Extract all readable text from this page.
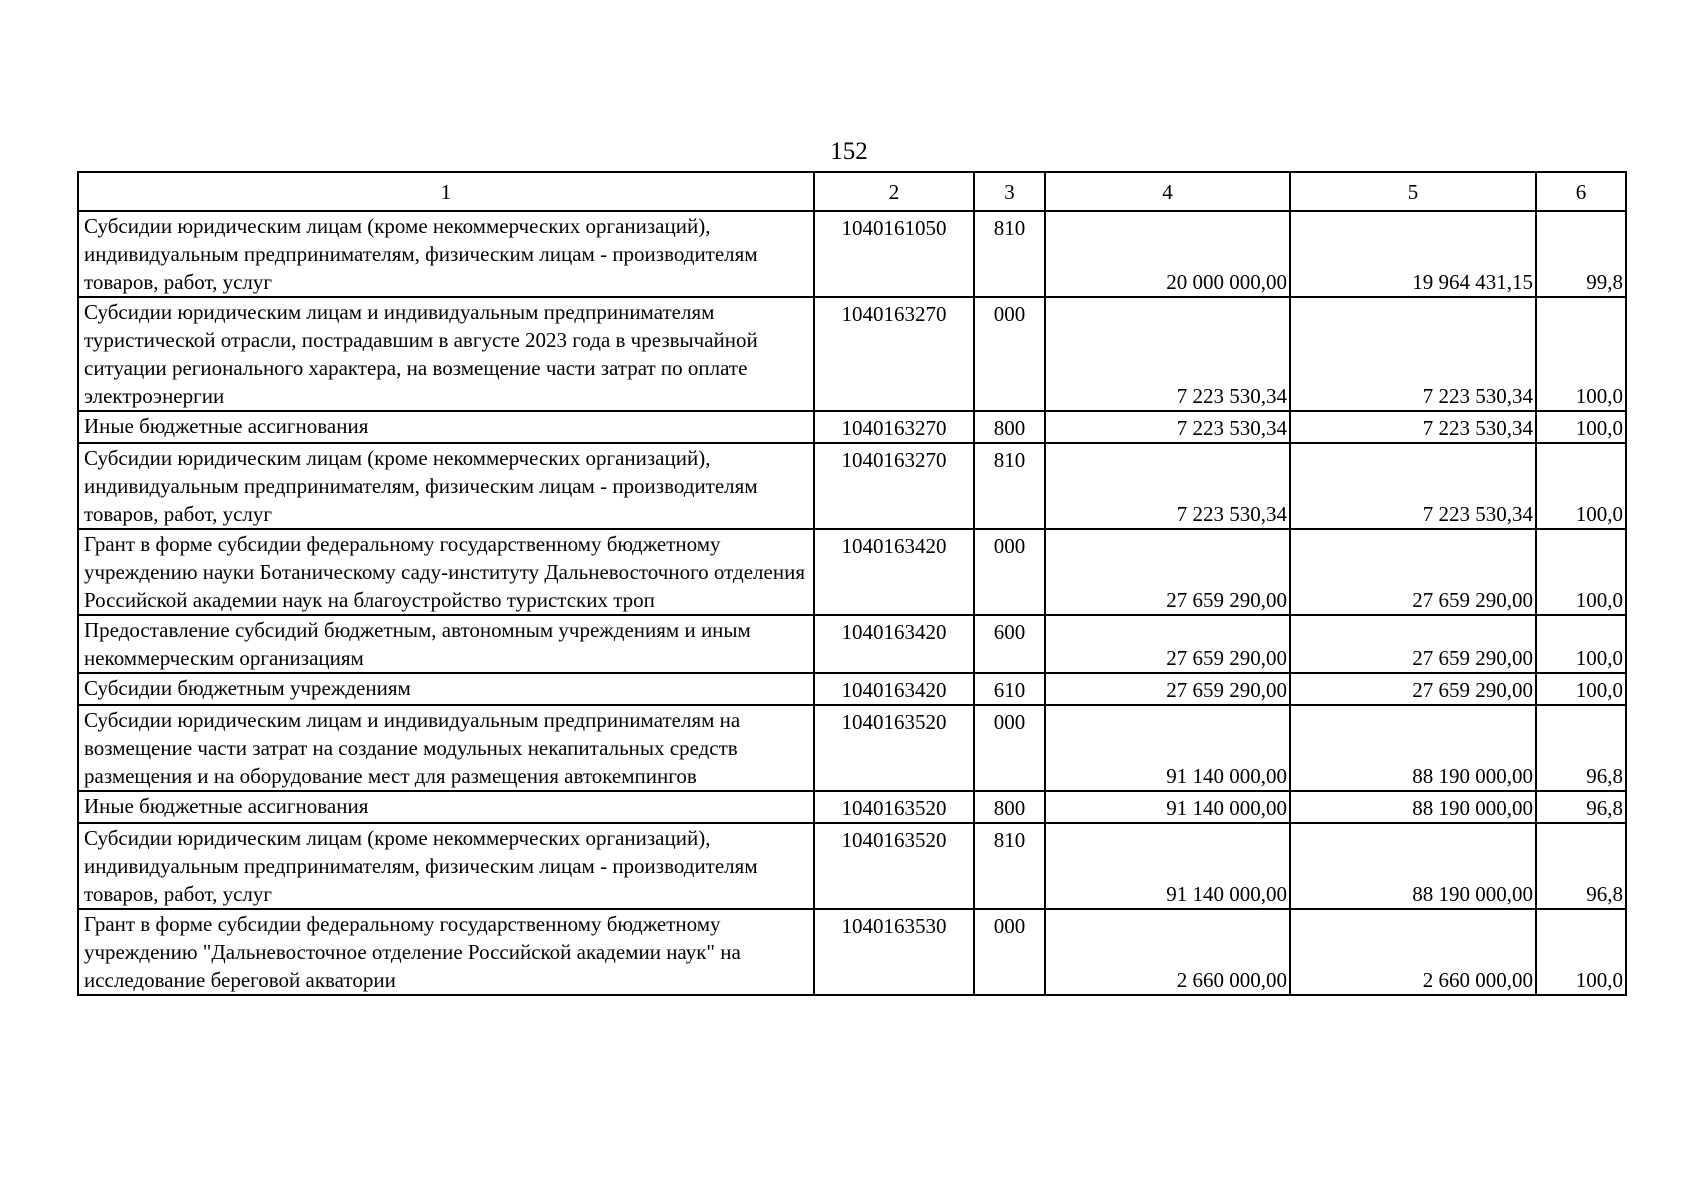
152
1	2	3	4	5	6
Субсидии юридическим лицам (кроме некоммерческих организаций), индивидуальным предпринимателям, физическим лицам - производителям товаров, работ, услуг	1040161050	810	20 000 000,00	19 964 431,15	99,8
Субсидии юридическим лицам и индивидуальным предпринимателям туристической отрасли, пострадавшим в августе 2023 года в чрезвычайной ситуации регионального характера, на возмещение части затрат по оплате электроэнергии	1040163270	000	7 223 530,34	7 223 530,34	100,0
Иные бюджетные ассигнования	1040163270	800	7 223 530,34	7 223 530,34	100,0
Субсидии юридическим лицам (кроме некоммерческих организаций), индивидуальным предпринимателям, физическим лицам - производителям товаров, работ, услуг	1040163270	810	7 223 530,34	7 223 530,34	100,0
Грант в форме субсидии федеральному государственному бюджетному учреждению науки Ботаническому саду-институту Дальневосточного отделения Российской академии наук на благоустройство туристских троп	1040163420	000	27 659 290,00	27 659 290,00	100,0
Предоставление субсидий бюджетным, автономным учреждениям и иным некоммерческим организациям	1040163420	600	27 659 290,00	27 659 290,00	100,0
Субсидии бюджетным учреждениям	1040163420	610	27 659 290,00	27 659 290,00	100,0
Субсидии юридическим лицам и индивидуальным предпринимателям на возмещение части затрат на создание модульных некапитальных средств размещения и на оборудование мест для размещения автокемпингов	1040163520	000	91 140 000,00	88 190 000,00	96,8
Иные бюджетные ассигнования	1040163520	800	91 140 000,00	88 190 000,00	96,8
Субсидии юридическим лицам (кроме некоммерческих организаций), индивидуальным предпринимателям, физическим лицам - производителям товаров, работ, услуг	1040163520	810	91 140 000,00	88 190 000,00	96,8
Грант в форме субсидии федеральному государственному бюджетному учреждению "Дальневосточное отделение Российской академии наук" на исследование береговой акватории	1040163530	000	2 660 000,00	2 660 000,00	100,0
